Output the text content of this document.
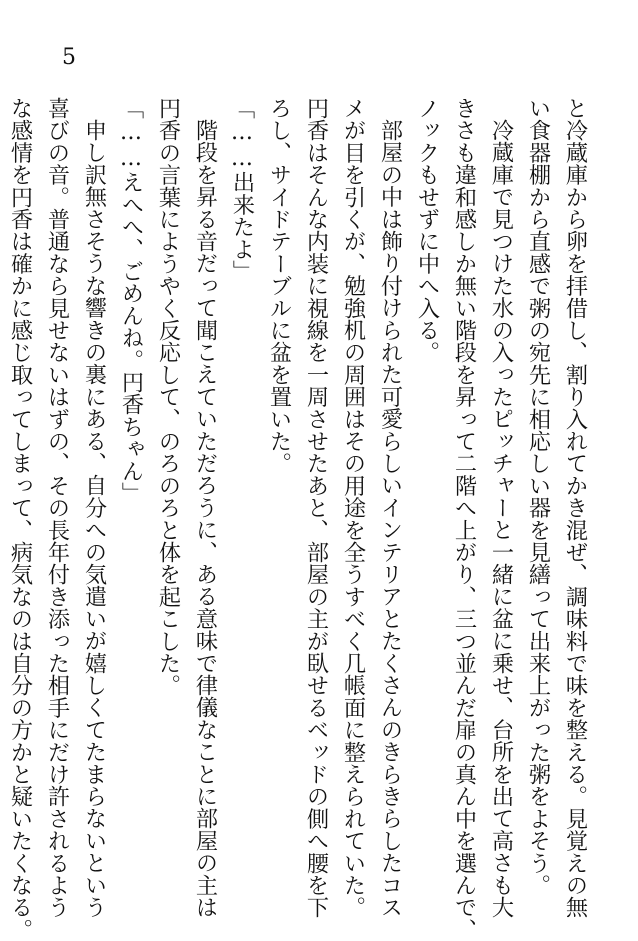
5
と冷蔵庫から卵を拝借し、割り入れてかき混ぜ、調味料で味を整える。見覚えの無
い食器棚から直感で粥の宛先に相応しい器を見繕って出来上がった粥をよそう。
冷蔵庫で見つけた水の入ったピッチャーと一緒に盆に乗せ、台所を出て高さも大
きさも違和感しか無い階段を昇って二階へ上がり、三つ並んだ扉の真ん中を選んで、
ノックもせずに中へ入る。
部屋の中は飾り付けられた可愛らしいインテリアとたくさんのきらきらしたコス
メが目を引くが、勉強机の周囲はその用途を全うすべく几帳面に整えられていた。
円香はそんな内装に視線を一周させたあと、部屋の主が臥せるベッドの側へ腰を下
ろし、サイドテーブルに盆を置いた。
「……出来たよ」
階段を昇る音だって聞こえていただろうに、ある意味で律儀なことに部屋の主は
円香の言葉にようやく反応して、のろのろと体を起こした。
「……えへへ、ごめんね。円香ちゃん」
申し訳無さそうな響きの裏にある、自分への気遣いが嬉しくてたまらないという
喜びの音。普通なら見せないはずの、その長年付き添った相手にだけ許されるよう
な感情を円香は確かに感じ取ってしまって、病気なのは自分の方かと疑いたくなる。
